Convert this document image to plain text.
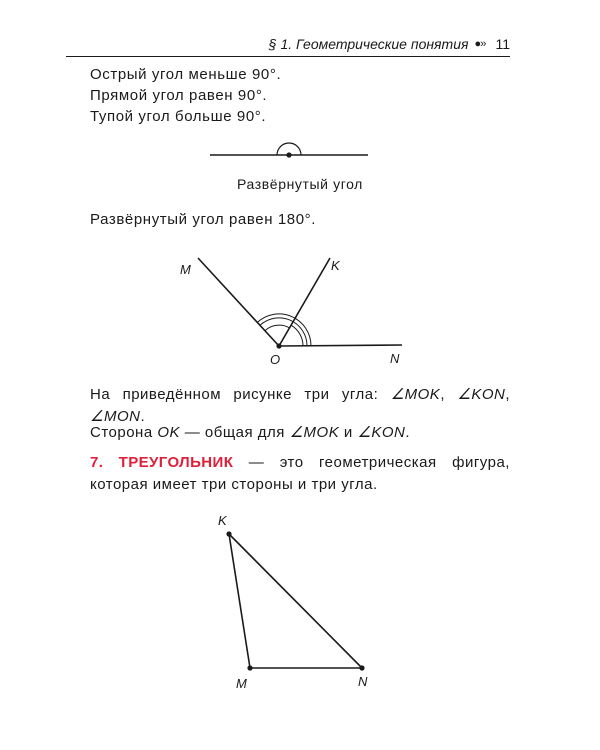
§ 1. Геометрические понятия ●›› 11
Острый угол меньше 90°.
Прямой угол равен 90°.
Тупой угол больше 90°.
M	K
O	N
K
M	N
Развёрнутый угол
Развёрнутый угол равен 180°.
На приведённом рисунке три угла: ∠MOK, ∠KON, ∠MON.
Сторона OK — общая для ∠MOK и ∠KON.
7. ТРЕУГОЛЬНИК — это геометрическая фигура, которая имеет три стороны и три угла.
